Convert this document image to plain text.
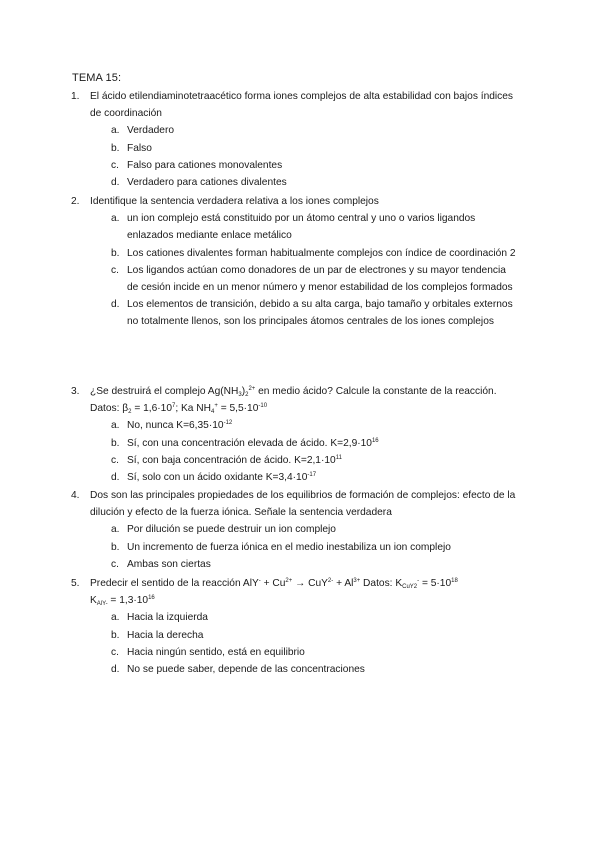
TEMA 15:
1. El ácido etilendiaminotetraacético forma iones complejos de alta estabilidad con bajos índices de coordinación
a. Verdadero
b. Falso
c. Falso para cationes monovalentes
d. Verdadero para cationes divalentes
2. Identifique la sentencia verdadera relativa a los iones complejos
a. un ion complejo está constituido por un átomo central y uno o varios ligandos enlazados mediante enlace metálico
b. Los cationes divalentes forman habitualmente complejos con índice de coordinación 2
c. Los ligandos actúan como donadores de un par de electrones y su mayor tendencia de cesión incide en un menor número y menor estabilidad de los complejos formados
d. Los elementos de transición, debido a su alta carga, bajo tamaño y orbitales externos no totalmente llenos, son los principales átomos centrales de los iones complejos
3. ¿Se destruirá el complejo $Ag(NH_3)_2^{2+}$ en medio ácido? Calcule la constante de la reacción. Datos: $\beta_2 = 1,6\cdot 10^7$; Ka $NH_4^+ = 5,5\cdot 10^{-10}$
a. No, nunca $K=6,35\cdot 10^{-12}$
b. Sí, con una concentración elevada de ácido. $K=2,9\cdot 10^{16}$
c. Sí, con baja concentración de ácido. $K=2,1\cdot 10^{11}$
d. Sí, solo con un ácido oxidante $K=3,4\cdot 10^{-17}$
4. Dos son las principales propiedades de los equilibrios de formación de complejos: efecto de la dilución y efecto de la fuerza iónica. Señale la sentencia verdadera
a. Por dilución se puede destruir un ion complejo
b. Un incremento de fuerza iónica en el medio inestabiliza un ion complejo
c. Ambas son ciertas
5. Predecir el sentido de la reacción $AlY^- + Cu^{2+} \to CuY^{2-} + Al^{3+}$ Datos: $K_{CuY2}^- = 5\cdot 10^{18}$
$K_{AlY-} = 1,3\cdot 10^{16}$
a. Hacia la izquierda
b. Hacia la derecha
c. Hacia ningún sentido, está en equilibrio
d. No se puede saber, depende de las concentraciones
